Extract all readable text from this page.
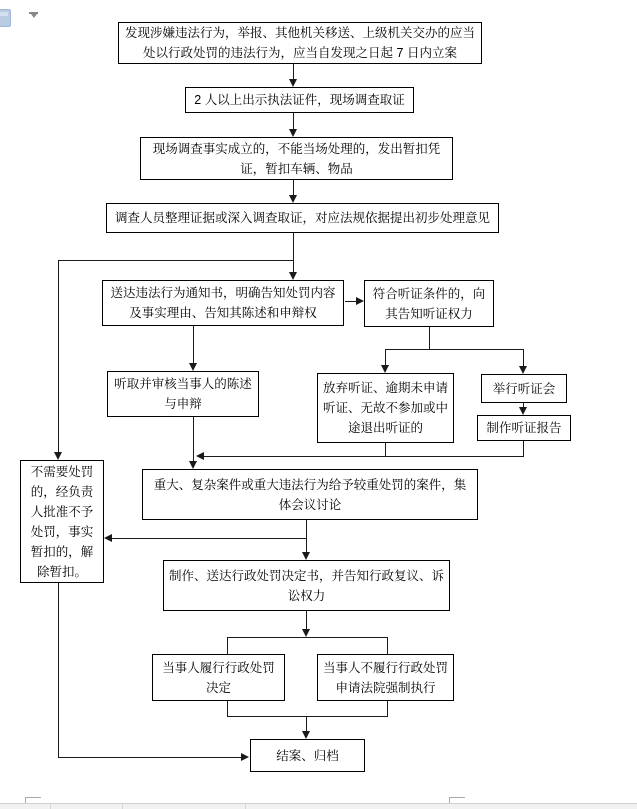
发现涉嫌违法行为，举报、其他机关移送、上级机关交办的应当处以行政处罚的违法行为，应当自发现之日起 7 日内立案
2 人以上出示执法证件，现场调查取证
现场调查事实成立的，不能当场处理的，发出暂扣凭证，暂扣车辆、物品
调查人员整理证据或深入调查取证，对应法规依据提出初步处理意见
送达违法行为通知书，明确告知处罚内容及事实理由、告知其陈述和申辩权
符合听证条件的，向其告知听证权力
听取并审核当事人的陈述与申辩
放弃听证、逾期未申请听证、无故不参加或中途退出听证的
举行听证会
制作听证报告
重大、复杂案件或重大违法行为给予较重处罚的案件，集体会议讨论
不需要处罚的，经负责人批准不予处罚，事实暂扣的，解除暂扣。	制作、送达行政处罚决定书，并告知行政复议、诉讼权力
当事人履行行政处罚决定
当事人不履行行政处罚申请法院强制执行
结案、归档
